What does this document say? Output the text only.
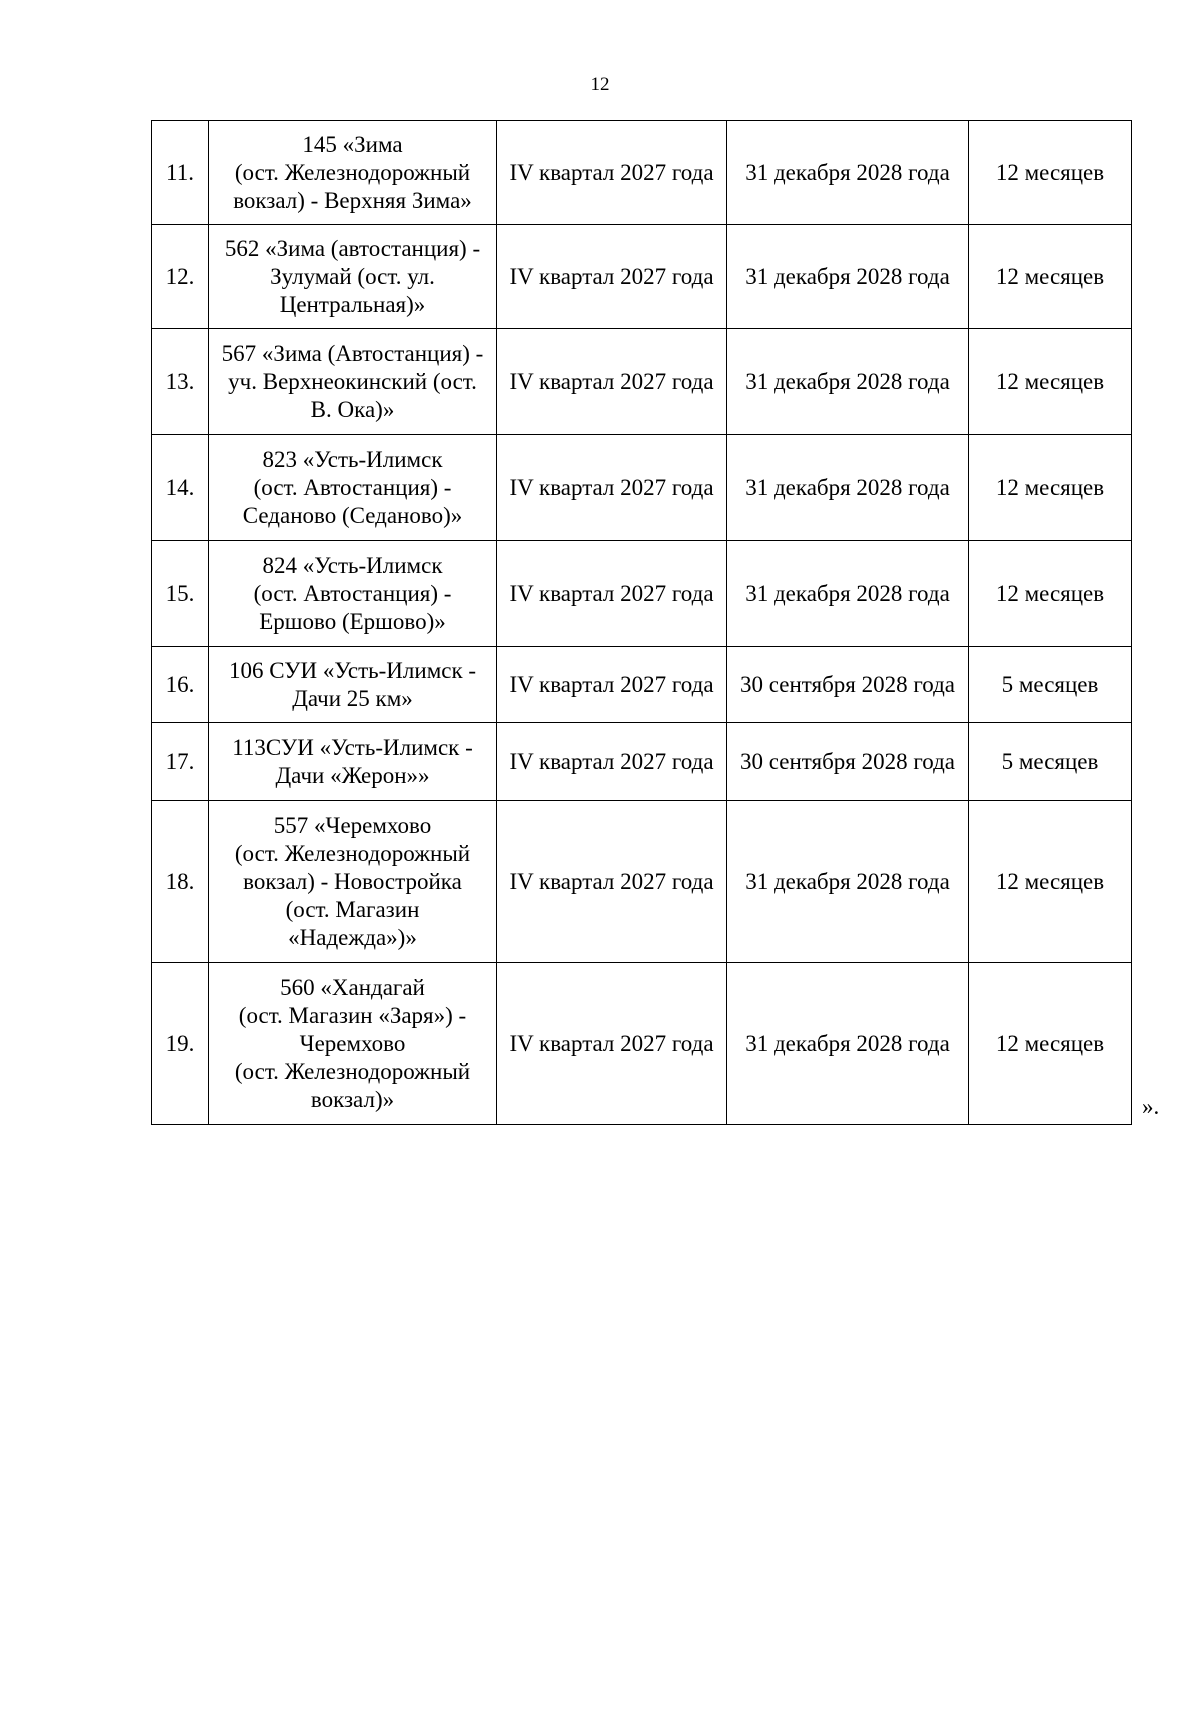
12
11.	145 «Зима
(ост. Железнодорожный
вокзал) - Верхняя Зима»	IV квартал 2027 года	31 декабря 2028 года	12 месяцев
12.	562 «Зима (автостанция) -
Зулумай (ост. ул.
Центральная)»	IV квартал 2027 года	31 декабря 2028 года	12 месяцев
13.	567 «Зима (Автостанция) -
уч. Верхнеокинский (ост.
В. Ока)»	IV квартал 2027 года	31 декабря 2028 года	12 месяцев
14.	823 «Усть-Илимск
(ост. Автостанция) -
Седаново (Седаново)»	IV квартал 2027 года	31 декабря 2028 года	12 месяцев
15.	824 «Усть-Илимск
(ост. Автостанция) -
Ершово (Ершово)»	IV квартал 2027 года	31 декабря 2028 года	12 месяцев
16.	106 СУИ «Усть-Илимск -
Дачи 25 км»	IV квартал 2027 года	30 сентября 2028 года	5 месяцев
17.	113СУИ «Усть-Илимск -
Дачи «Жерон»»	IV квартал 2027 года	30 сентября 2028 года	5 месяцев
18.	557 «Черемхово
(ост. Железнодорожный
вокзал) - Новостройка
(ост. Магазин
«Надежда»)»	IV квартал 2027 года	31 декабря 2028 года	12 месяцев
19.	560 «Хандагай
(ост. Магазин «Заря») -
Черемхово
(ост. Железнодорожный
вокзал)»	IV квартал 2027 года	31 декабря 2028 года	12 месяцев
».
